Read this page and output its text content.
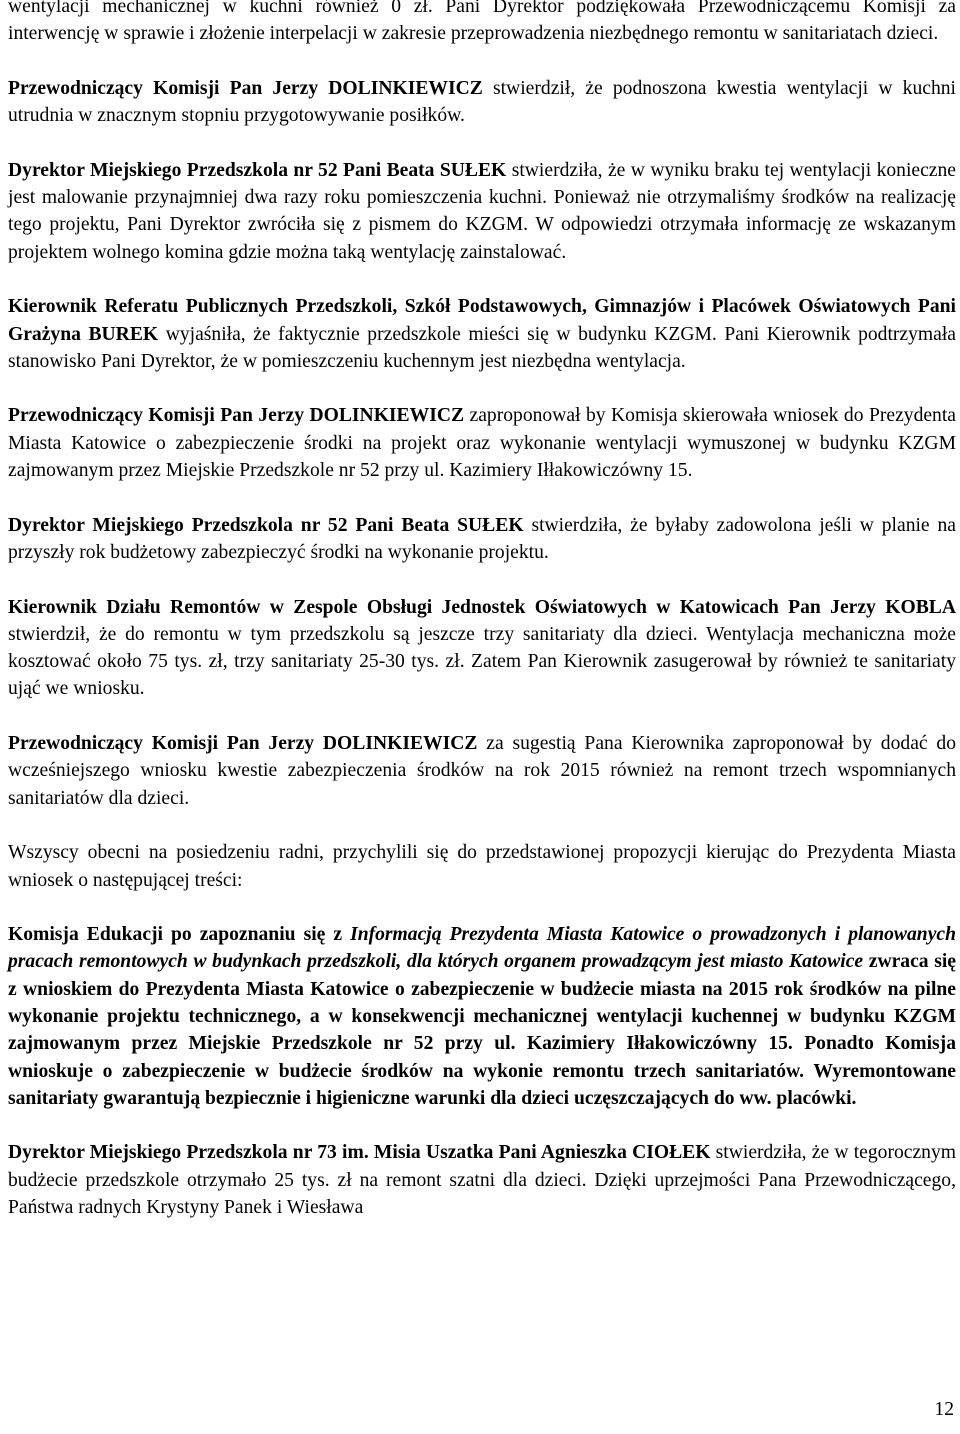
wentylacji mechanicznej w kuchni również 0 zł. Pani Dyrektor podziękowała Przewodniczącemu Komisji za interwencję w sprawie i złożenie interpelacji w zakresie przeprowadzenia niezbędnego remontu w sanitariatach dzieci.

Przewodniczący Komisji Pan Jerzy DOLINKIEWICZ stwierdził, że podnoszona kwestia wentylacji w kuchni utrudnia w znacznym stopniu przygotowywanie posiłków.

Dyrektor Miejskiego Przedszkola nr 52 Pani Beata SUŁEK stwierdziła, że w wyniku braku tej wentylacji konieczne jest malowanie przynajmniej dwa razy roku pomieszczenia kuchni. Ponieważ nie otrzymaliśmy środków na realizację tego projektu, Pani Dyrektor zwróciła się z pismem do KZGM. W odpowiedzi otrzymała informację ze wskazanym projektem wolnego komina gdzie można taką wentylację zainstalować.

Kierownik Referatu Publicznych Przedszkoli, Szkół Podstawowych, Gimnazjów i Placówek Oświatowych Pani Grażyna BUREK wyjaśniła, że faktycznie przedszkole mieści się w budynku KZGM. Pani Kierownik podtrzymała stanowisko Pani Dyrektor, że w pomieszczeniu kuchennym jest niezbędna wentylacja.

Przewodniczący Komisji Pan Jerzy DOLINKIEWICZ zaproponował by Komisja skierowała wniosek do Prezydenta Miasta Katowice o zabezpieczenie środki na projekt oraz wykonanie wentylacji wymuszonej w budynku KZGM zajmowanym przez Miejskie Przedszkole nr 52 przy ul. Kazimiery Iłłakowiczówny 15.

Dyrektor Miejskiego Przedszkola nr 52 Pani Beata SUŁEK stwierdziła, że byłaby zadowolona jeśli w planie na przyszły rok budżetowy zabezpieczyć środki na wykonanie projektu.

Kierownik Działu Remontów w Zespole Obsługi Jednostek Oświatowych w Katowicach Pan Jerzy KOBLA stwierdził, że do remontu w tym przedszkolu są jeszcze trzy sanitariaty dla dzieci. Wentylacja mechaniczna może kosztować około 75 tys. zł, trzy sanitariaty 25-30 tys. zł. Zatem Pan Kierownik zasugerował by również te sanitariaty ująć we wniosku.

Przewodniczący Komisji Pan Jerzy DOLINKIEWICZ za sugestią Pana Kierownika zaproponował by dodać do wcześniejszego wniosku kwestie zabezpieczenia środków na rok 2015 również na remont trzech wspomnianych sanitariatów dla dzieci.

Wszyscy obecni na posiedzeniu radni, przychylili się do przedstawionej propozycji kierując do Prezydenta Miasta wniosek o następującej treści:

Komisja Edukacji po zapoznaniu się z Informacją Prezydenta Miasta Katowice o prowadzonych i planowanych pracach remontowych w budynkach przedszkoli, dla których organem prowadzącym jest miasto Katowice zwraca się z wnioskiem do Prezydenta Miasta Katowice o zabezpieczenie w budżecie miasta na 2015 rok środków na pilne wykonanie projektu technicznego, a w konsekwencji mechanicznej wentylacji kuchennej w budynku KZGM zajmowanym przez Miejskie Przedszkole nr 52 przy ul. Kazimiery Iłłakowiczówny 15. Ponadto Komisja wnioskuje o zabezpieczenie w budżecie środków na wykonie remontu trzech sanitariatów. Wyremontowane sanitariaty gwarantują bezpiecznie i higieniczne warunki dla dzieci uczęszczających do ww. placówki.

Dyrektor Miejskiego Przedszkola nr 73 im. Misia Uszatka Pani Agnieszka CIOŁEK stwierdziła, że w tegorocznym budżecie przedszkole otrzymało 25 tys. zł na remont szatni dla dzieci. Dzięki uprzejmości Pana Przewodniczącego, Państwa radnych Krystyny Panek i Wiesława

12
